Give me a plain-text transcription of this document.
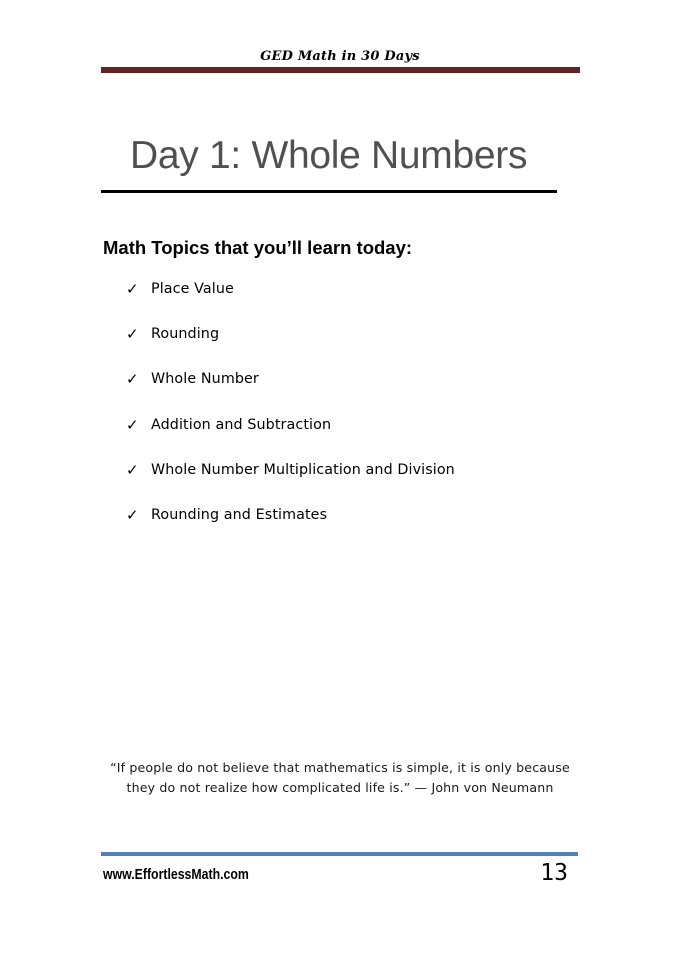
GED Math in 30 Days
Day 1: Whole Numbers
Math Topics that you’ll learn today:
✓ Place Value
✓ Rounding
✓ Whole Number
✓ Addition and Subtraction
✓ Whole Number Multiplication and Division
✓ Rounding and Estimates
“If people do not believe that mathematics is simple, it is only because
they do not realize how complicated life is.” — John von Neumann
www.EffortlessMath.com	13
